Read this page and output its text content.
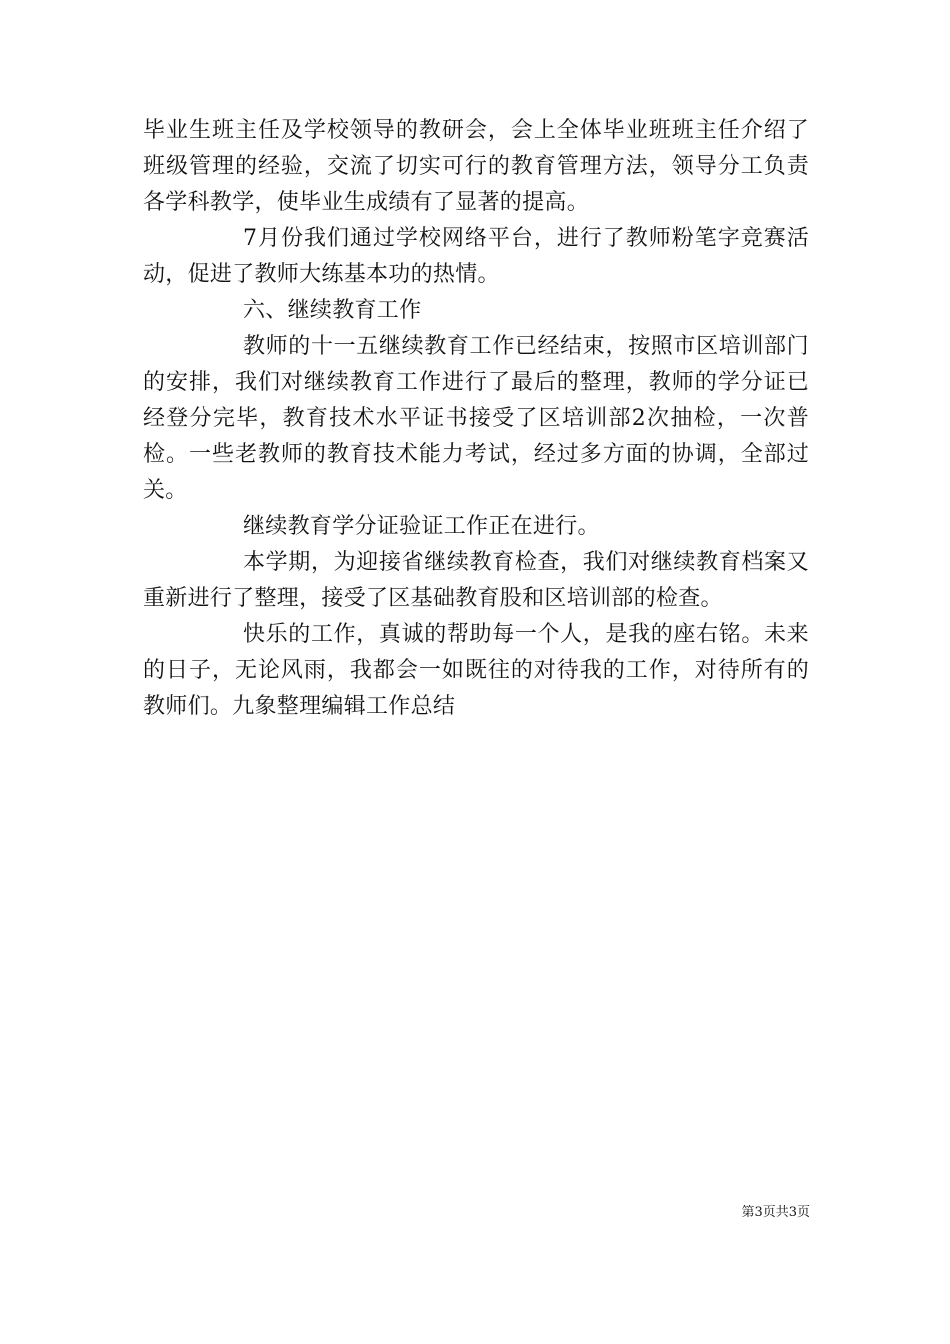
毕业生班主任及学校领导的教研会，会上全体毕业班班主任介绍了班级管理的经验，交流了切实可行的教育管理方法，领导分工负责各学科教学，使毕业生成绩有了显著的提高。

7月份我们通过学校网络平台，进行了教师粉笔字竞赛活动，促进了教师大练基本功的热情。

六、继续教育工作

教师的十一五继续教育工作已经结束，按照市区培训部门的安排，我们对继续教育工作进行了最后的整理，教师的学分证已经登分完毕，教育技术水平证书接受了区培训部2次抽检，一次普检。一些老教师的教育技术能力考试，经过多方面的协调，全部过关。

继续教育学分证验证工作正在进行。

本学期，为迎接省继续教育检查，我们对继续教育档案又重新进行了整理，接受了区基础教育股和区培训部的检查。

快乐的工作，真诚的帮助每一个人，是我的座右铭。未来的日子，无论风雨，我都会一如既往的对待我的工作，对待所有的教师们。九象整理编辑工作总结

第3页共3页
